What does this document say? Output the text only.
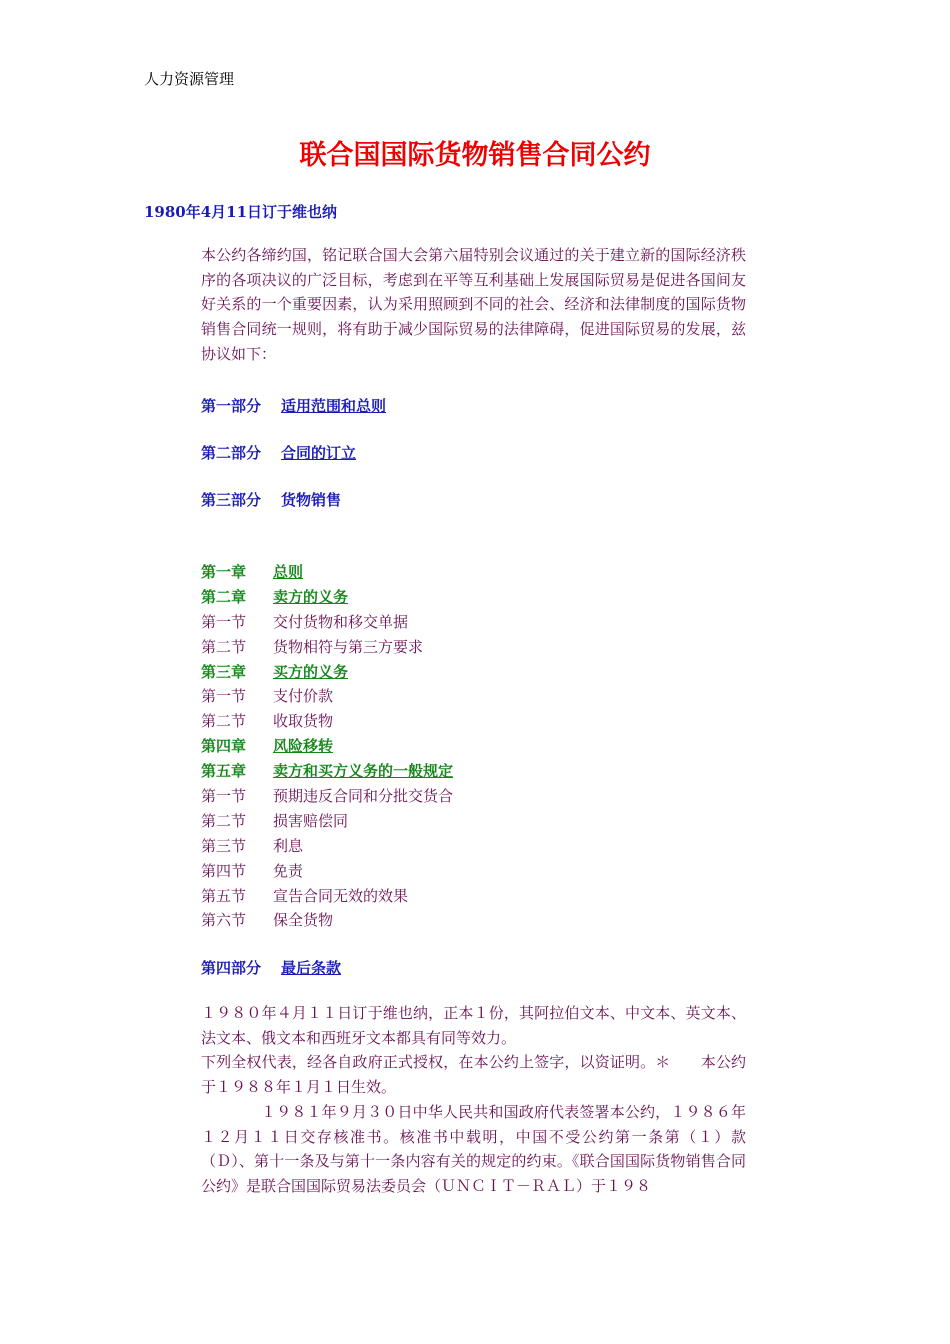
人力资源管理
联合国国际货物销售合同公约
1980年4月11日订于维也纳
本公约各缔约国，铭记联合国大会第六届特别会议通过的关于建立新的国际经济秩序的各项决议的广泛目标，考虑到在平等互利基础上发展国际贸易是促进各国间友好关系的一个重要因素，认为采用照顾到不同的社会、经济和法律制度的国际货物销售合同统一规则，将有助于减少国际贸易的法律障碍，促进国际贸易的发展，兹协议如下：
第一部分 适用范围和总则
第二部分 合同的订立
第三部分 货物销售
第一章 总则
第二章 卖方的义务
第一节 交付货物和移交单据
第二节 货物相符与第三方要求
第三章 买方的义务
第一节 支付价款
第二节 收取货物
第四章 风险移转
第五章 卖方和买方义务的一般规定
第一节 预期违反合同和分批交货合
第二节 损害赔偿同
第三节 利息
第四节 免责
第五节 宣告合同无效的效果
第六节 保全货物
第四部分 最后条款

１９８０年４月１１日订于维也纳，正本１份，其阿拉伯文本、中文本、英文本、法文本、俄文本和西班牙文本都具有同等效力。

下列全权代表，经各自政府正式授权，在本公约上签字，以资证明。＊　　本公约于１９８８年１月１日生效。

１９８１年９月３０日中华人民共和国政府代表签署本公约，１９８６年１２月１１日交存核准书。核准书中载明，中国不受公约第一条第（１）款（Ｄ）、第十一条及与第十一条内容有关的规定的约束。《联合国国际货物销售合同公约》是联合国国际贸易法委员会（ＵＮＣＩＴ－ＲＡＬ）于１９８
